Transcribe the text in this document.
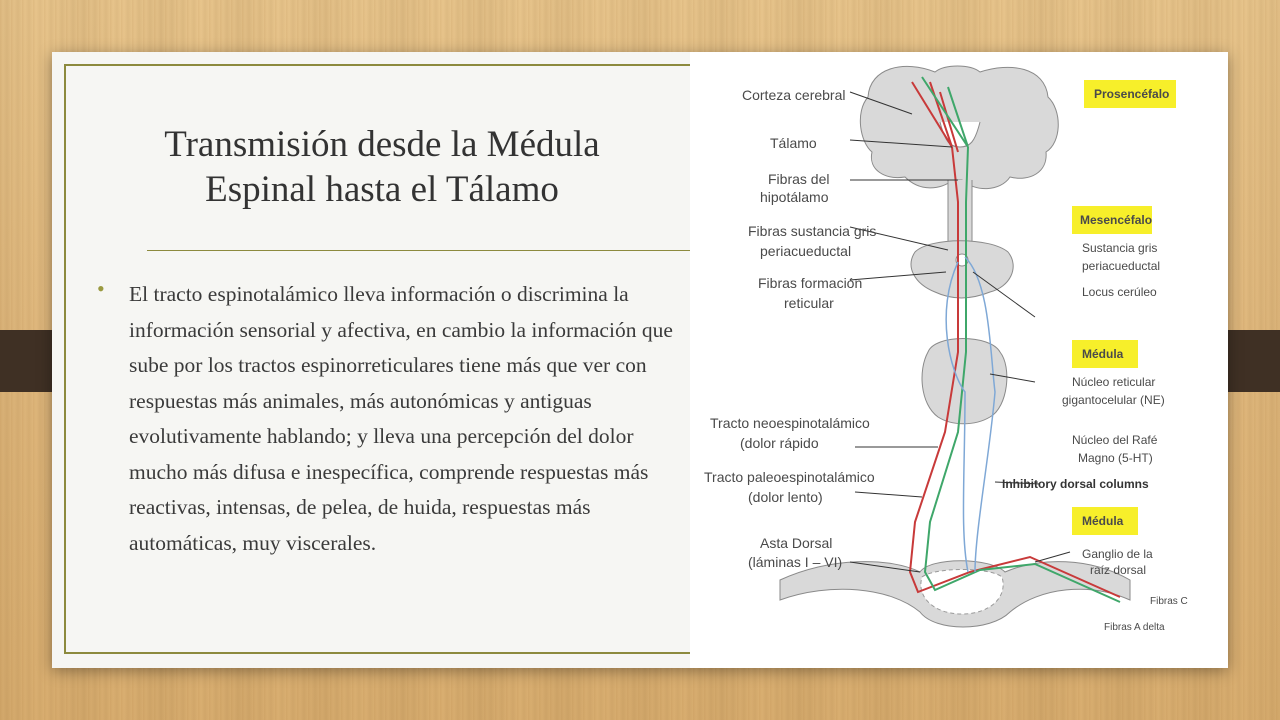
Transmisión desde la Médula
Espinal hasta el Tálamo
• El tracto espinotalámico lleva información o discrimina la información sensorial y afectiva, en cambio la información que sube por los tractos espinorreticulares tiene más que ver con respuestas más animales, más autonómicas y antiguas evolutivamente hablando; y lleva una percepción del dolor mucho más difusa e inespecífica, comprende respuestas más reactivas, intensas, de pelea, de huida, respuestas más automáticas, muy viscerales.
Corteza cerebral
Tálamo
Fibras del
hipotálamo
Fibras sustancia gris
periacueductal
Fibras formación
reticular
Tracto neoespinotalámico
(dolor rápido
Tracto paleoespinotalámico
(dolor lento)
Asta Dorsal
(láminas I – VI)
Prosencéfalo
Mesencéfalo
Médula
Médula
Sustancia gris
periacueductal
Locus cerúleo
Núcleo reticular
gigantocelular (NE)
Núcleo del Rafé
Magno (5-HT)
Inhibitory dorsal columns
Ganglio de la
raíz dorsal
Fibras C
Fibras A delta
